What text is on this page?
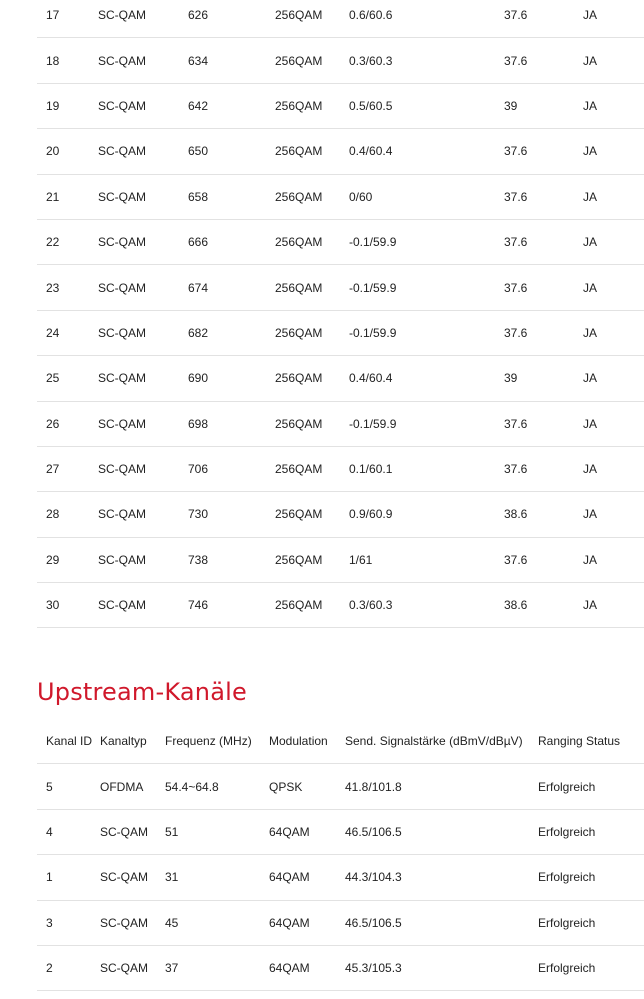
17	SC-QAM	626	256QAM	0.6/60.6	37.6	JA
18	SC-QAM	634	256QAM	0.3/60.3	37.6	JA
19	SC-QAM	642	256QAM	0.5/60.5	39	JA
20	SC-QAM	650	256QAM	0.4/60.4	37.6	JA
21	SC-QAM	658	256QAM	0/60	37.6	JA
22	SC-QAM	666	256QAM	-0.1/59.9	37.6	JA
23	SC-QAM	674	256QAM	-0.1/59.9	37.6	JA
24	SC-QAM	682	256QAM	-0.1/59.9	37.6	JA
25	SC-QAM	690	256QAM	0.4/60.4	39	JA
26	SC-QAM	698	256QAM	-0.1/59.9	37.6	JA
27	SC-QAM	706	256QAM	0.1/60.1	37.6	JA
28	SC-QAM	730	256QAM	0.9/60.9	38.6	JA
29	SC-QAM	738	256QAM	1/61	37.6	JA
30	SC-QAM	746	256QAM	0.3/60.3	38.6	JA
Upstream-Kanäle
Kanal ID	Kanaltyp	Frequenz (MHz)	Modulation	Send. Signalstärke (dBmV/dBµV)	Ranging Status
5	OFDMA	54.4~64.8	QPSK	41.8/101.8	Erfolgreich
4	SC-QAM	51	64QAM	46.5/106.5	Erfolgreich
1	SC-QAM	31	64QAM	44.3/104.3	Erfolgreich
3	SC-QAM	45	64QAM	46.5/106.5	Erfolgreich
2	SC-QAM	37	64QAM	45.3/105.3	Erfolgreich
